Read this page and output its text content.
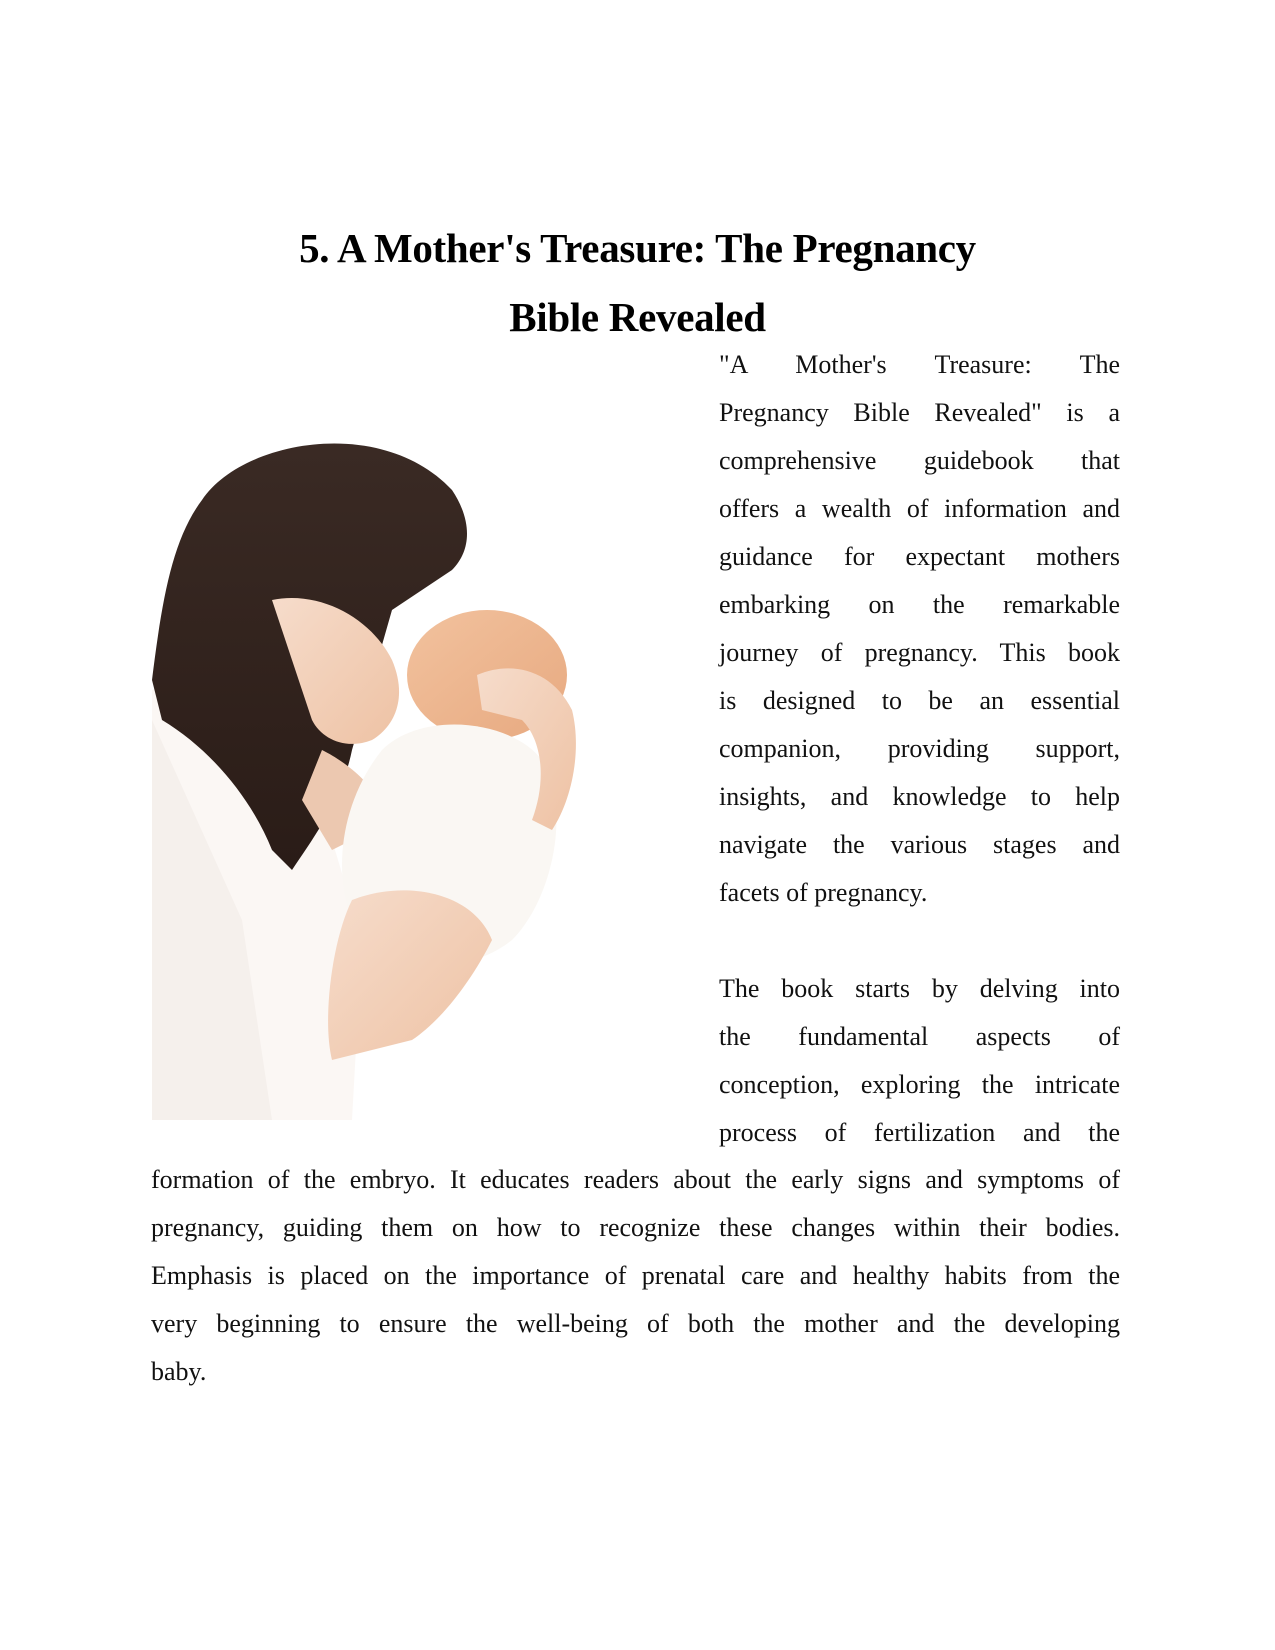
5. A Mother's Treasure: The Pregnancy
Bible Revealed
"A Mother's Treasure: The
Pregnancy Bible Revealed" is a
comprehensive guidebook that
offers a wealth of information and
guidance for expectant mothers
embarking on the remarkable
journey of pregnancy. This book
is designed to be an essential
companion, providing support,
insights, and knowledge to help
navigate the various stages and
facets of pregnancy.
The book starts by delving into
the fundamental aspects of
conception, exploring the intricate
process of fertilization and the
formation of the embryo. It educates readers about the early signs and symptoms of
pregnancy, guiding them on how to recognize these changes within their bodies.
Emphasis is placed on the importance of prenatal care and healthy habits from the
very beginning to ensure the well-being of both the mother and the developing
baby.
